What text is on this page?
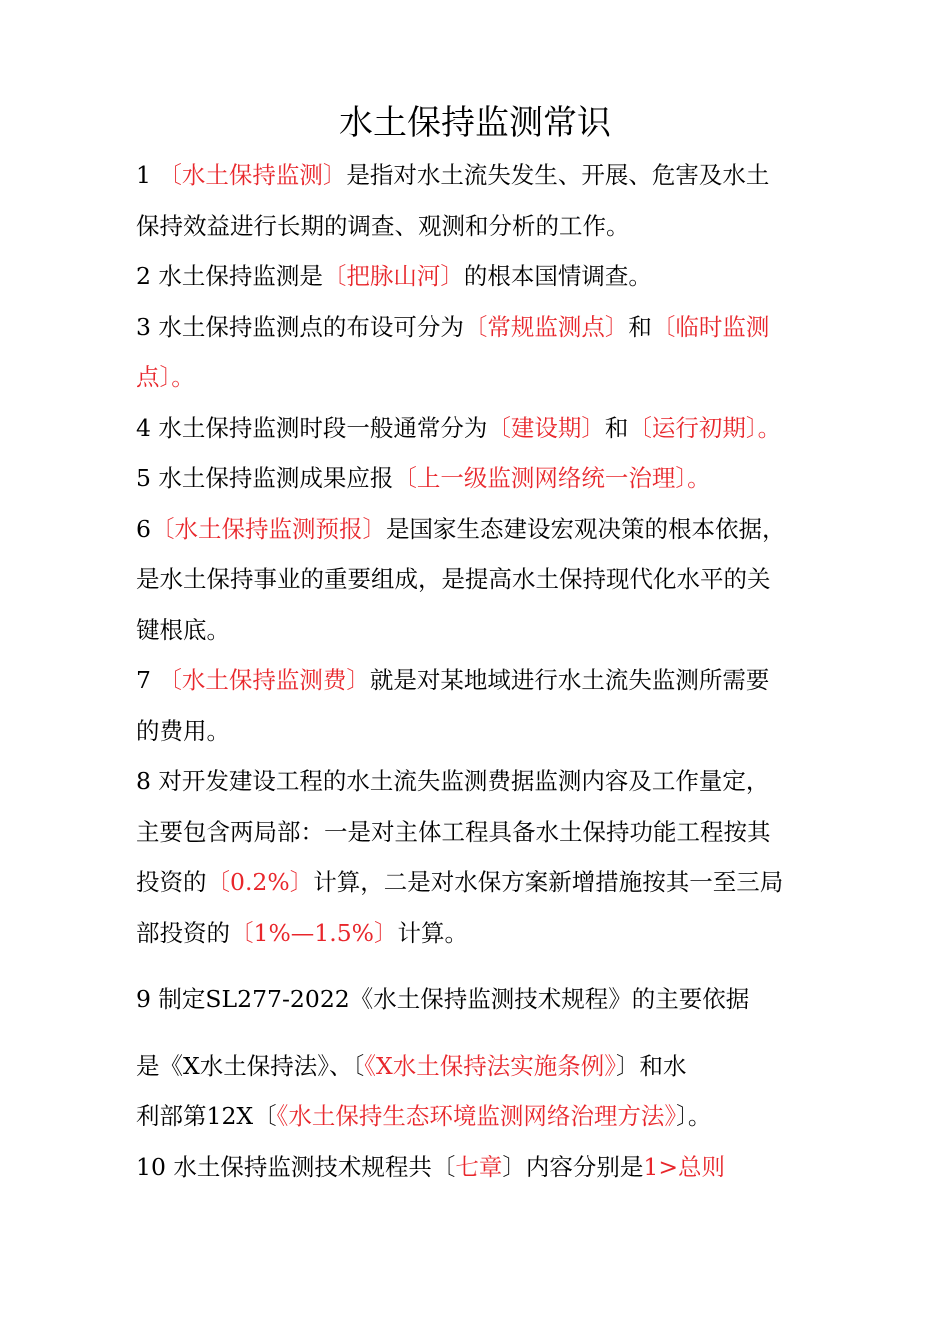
水土保持监测常识
1 〔水土保持监测〕是指对水土流失发生、开展、危害及水土
保持效益进行长期的调查、观测和分析的工作。
2 水土保持监测是〔把脉山河〕的根本国情调查。
3 水土保持监测点的布设可分为〔常规监测点〕和〔临时监测
点〕。
4 水土保持监测时段一般通常分为〔建设期〕和〔运行初期〕。
5 水土保持监测成果应报〔上一级监测网络统一治理〕。
6〔水土保持监测预报〕是国家生态建设宏观决策的根本依据，
是水土保持事业的重要组成，是提高水土保持现代化水平的关
键根底。
7 〔水土保持监测费〕就是对某地域进行水土流失监测所需要
的费用。
8 对开发建设工程的水土流失监测费据监测内容及工作量定，
主要包含两局部：一是对主体工程具备水土保持功能工程按其
投资的〔0.2%〕计算，二是对水保方案新增措施按其一至三局
部投资的〔1%—1.5%〕计算。
9 制定SL277-2022《水土保持监测技术规程》的主要依据
是《X水土保持法》、〔《X水土保持法实施条例》〕和水
利部第12X〔《水土保持生态环境监测网络治理方法》〕。
10 水土保持监测技术规程共〔七章〕内容分别是1>总则
